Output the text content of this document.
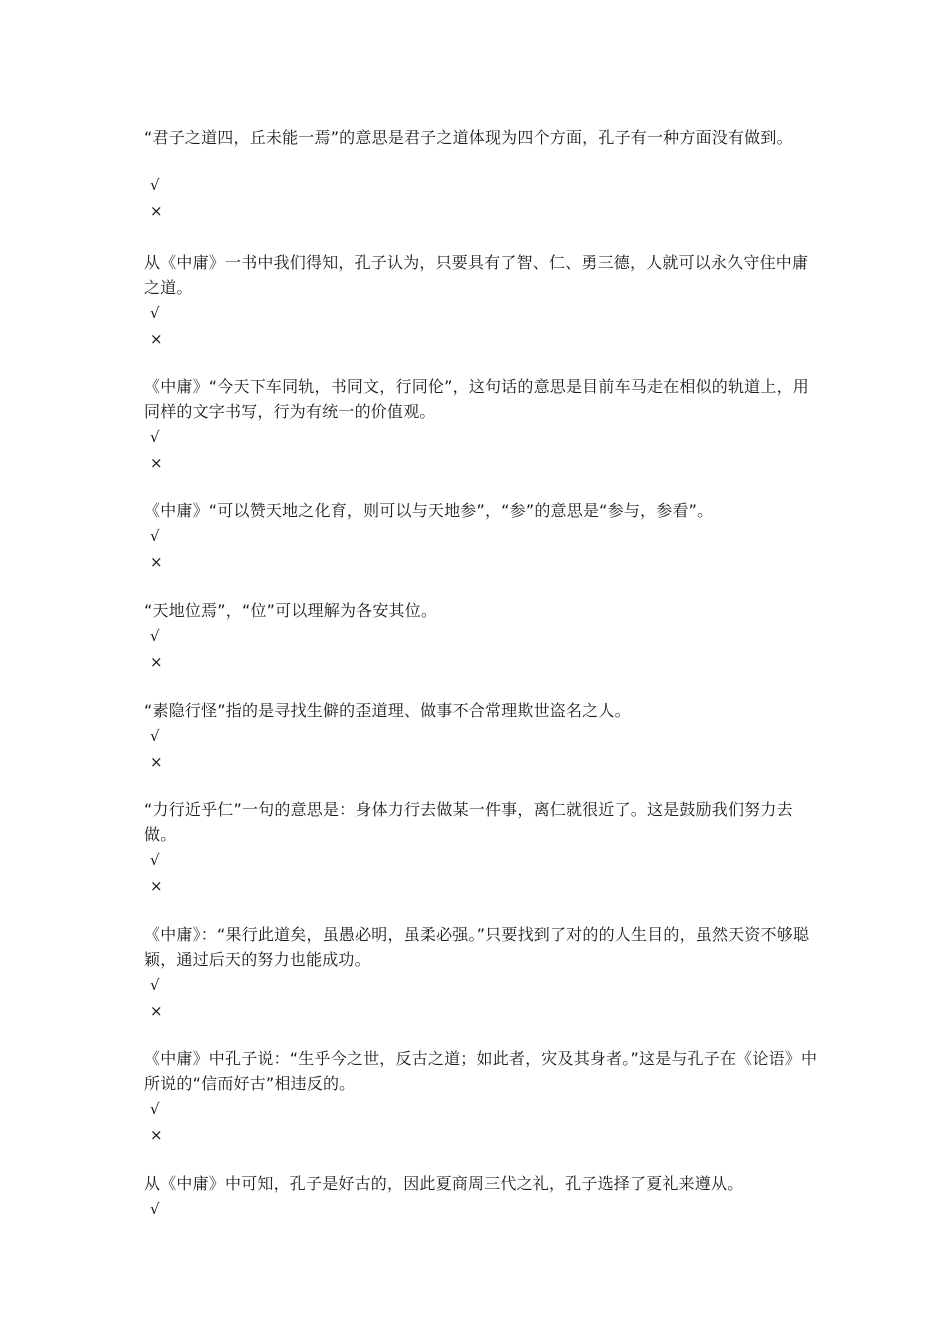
“君子之道四，丘未能一焉”的意思是君子之道体现为四个方面，孔子有一种方面没有做到。

√
×

从《中庸》一书中我们得知，孔子认为，只要具有了智、仁、勇三德，人就可以永久守住中庸之道。

√
×

《中庸》“今天下车同轨，书同文，行同伦”，这句话的意思是目前车马走在相似的轨道上，用同样的文字书写，行为有统一的价值观。

√
×

《中庸》“可以赞天地之化育，则可以与天地参”，“参”的意思是“参与，参看”。

√
×

“天地位焉”，“位”可以理解为各安其位。

√
×

“素隐行怪”指的是寻找生僻的歪道理、做事不合常理欺世盗名之人。

√
×

“力行近乎仁”一句的意思是：身体力行去做某一件事，离仁就很近了。这是鼓励我们努力去做。

√
×

《中庸》：“果行此道矣，虽愚必明，虽柔必强。”只要找到了对的的人生目的，虽然天资不够聪颖，通过后天的努力也能成功。

√
×

《中庸》中孔子说：“生乎今之世，反古之道；如此者，灾及其身者。”这是与孔子在《论语》中所说的“信而好古”相违反的。

√
×

从《中庸》中可知，孔子是好古的，因此夏商周三代之礼，孔子选择了夏礼来遵从。

√
